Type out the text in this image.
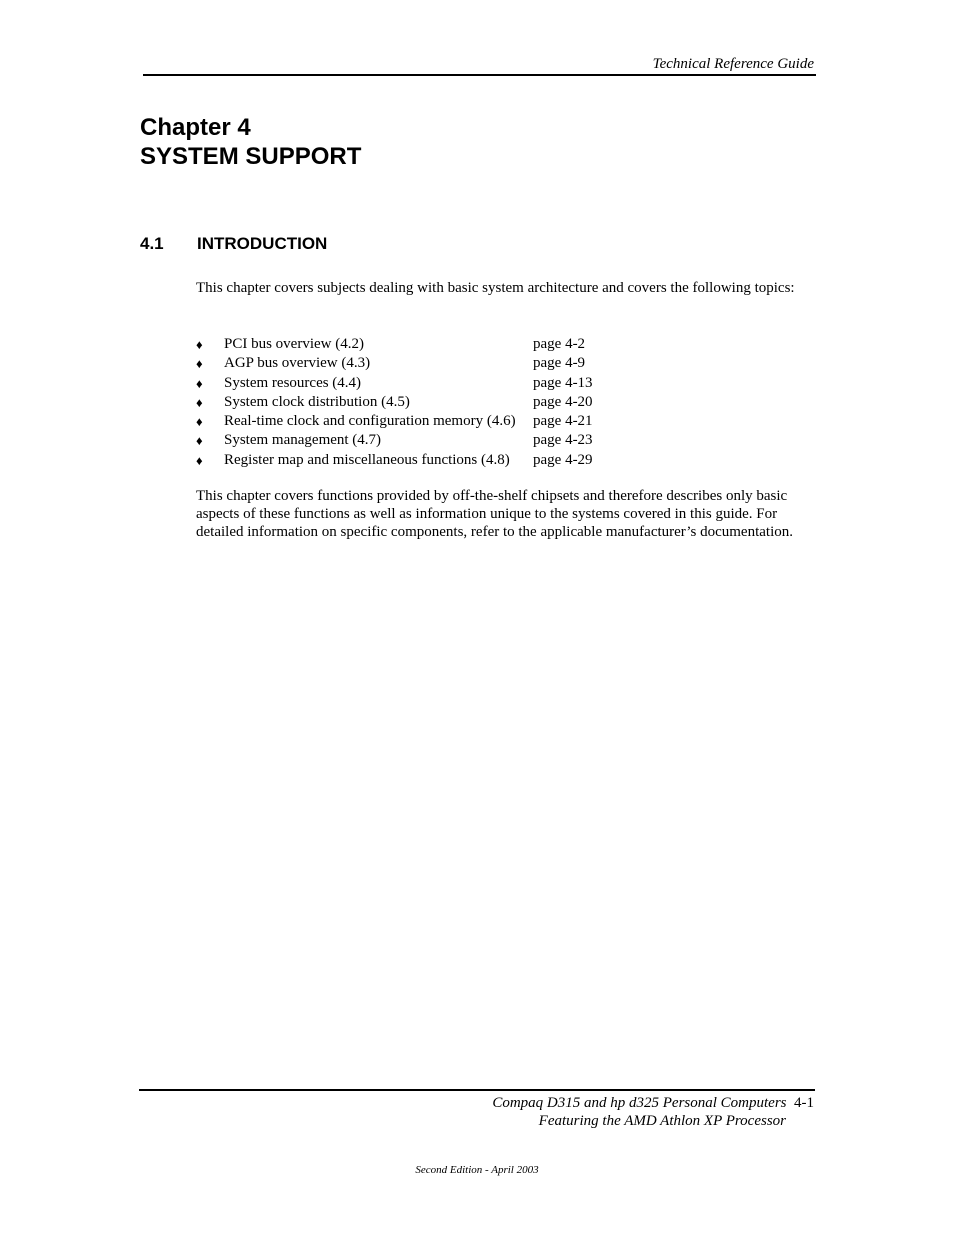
Technical Reference Guide
Chapter 4
SYSTEM SUPPORT
4.1 INTRODUCTION
This chapter covers subjects dealing with basic system architecture and covers the following topics:
♦	PCI bus overview (4.2)	page 4-2
♦	AGP bus overview (4.3)	page 4-9
♦	System resources (4.4)	page 4-13
♦	System clock distribution (4.5)	page 4-20
♦	Real-time clock and configuration memory (4.6)	page 4-21
♦	System management (4.7)	page 4-23
♦	Register map and miscellaneous functions (4.8)	page 4-29
This chapter covers functions provided by off-the-shelf chipsets and therefore describes only basic aspects of these functions as well as information unique to the systems covered in this guide. For detailed information on specific components, refer to the applicable manufacturer’s documentation.
Compaq D315 and hp d325 Personal Computers 4-1
Featuring the AMD Athlon XP Processor
Second Edition - April 2003
